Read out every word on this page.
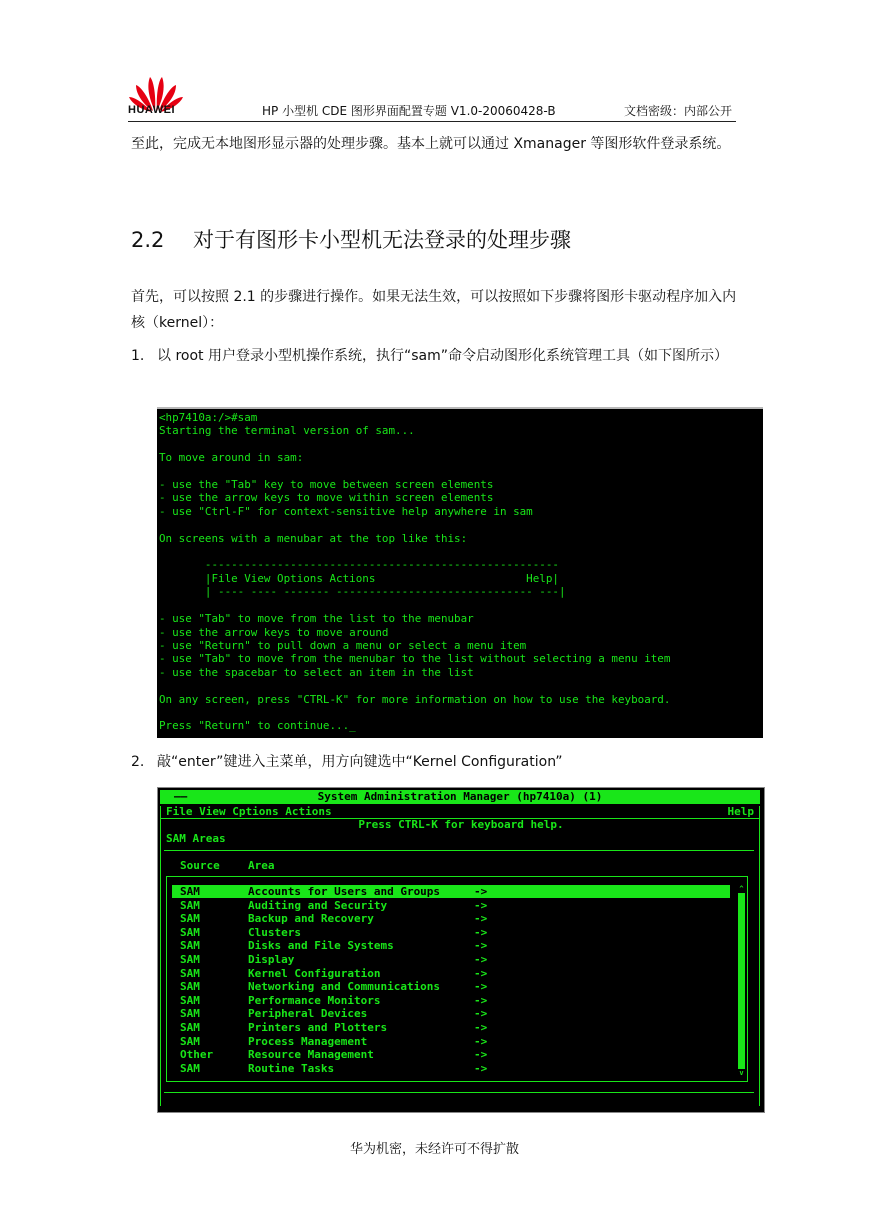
HUAWEI	HP 小型机 CDE 图形界面配置专题 V1.0-20060428-B	文档密级：内部公开
至此，完成无本地图形显示器的处理步骤。基本上就可以通过 Xmanager 等图形软件登录系统。
2.2 对于有图形卡小型机无法登录的处理步骤
首先，可以按照 2.1 的步骤进行操作。如果无法生效，可以按照如下步骤将图形卡驱动程序加入内核（kernel）：
1. 以 root 用户登录小型机操作系统，执行“sam”命令启动图形化系统管理工具（如下图所示）
<hp7410a:/>#sam
Starting the terminal version of sam...

To move around in sam:

- use the "Tab" key to move between screen elements
- use the arrow keys to move within screen elements
- use "Ctrl-F" for context-sensitive help anywhere in sam

On screens with a menubar at the top like this:

------------------------------------------------------
|File View Options Actions                       Help|
| ---- ---- ------- ------------------------------ ---|

- use "Tab" to move from the list to the menubar
- use the arrow keys to move around
- use "Return" to pull down a menu or select a menu item
- use "Tab" to move from the menubar to the list without selecting a menu item
- use the spacebar to select an item in the list

On any screen, press "CTRL-K" for more information on how to use the keyboard.

Press "Return" to continue..._

2. 敲“enter”键进入主菜单，用方向键选中“Kernel Configuration”
——	System Administration Manager (hp7410a) (1)
File View Cptions Actions	Help
Press CTRL-K for keyboard help.
SAM Areas
Source	Area
SAM	Accounts for Users and Groups	->
SAM	Auditing and Security	->
SAM	Backup and Recovery	->
SAM	Clusters	->
SAM	Disks and File Systems	->
SAM	Display	->
SAM	Kernel Configuration	->
SAM	Networking and Communications	->
SAM	Performance Monitors	->
SAM	Peripheral Devices	->
SAM	Printers and Plotters	->
SAM	Process Management	->
Other	Resource Management	->
SAM	Routine Tasks	->
^
v
华为机密，未经许可不得扩散
